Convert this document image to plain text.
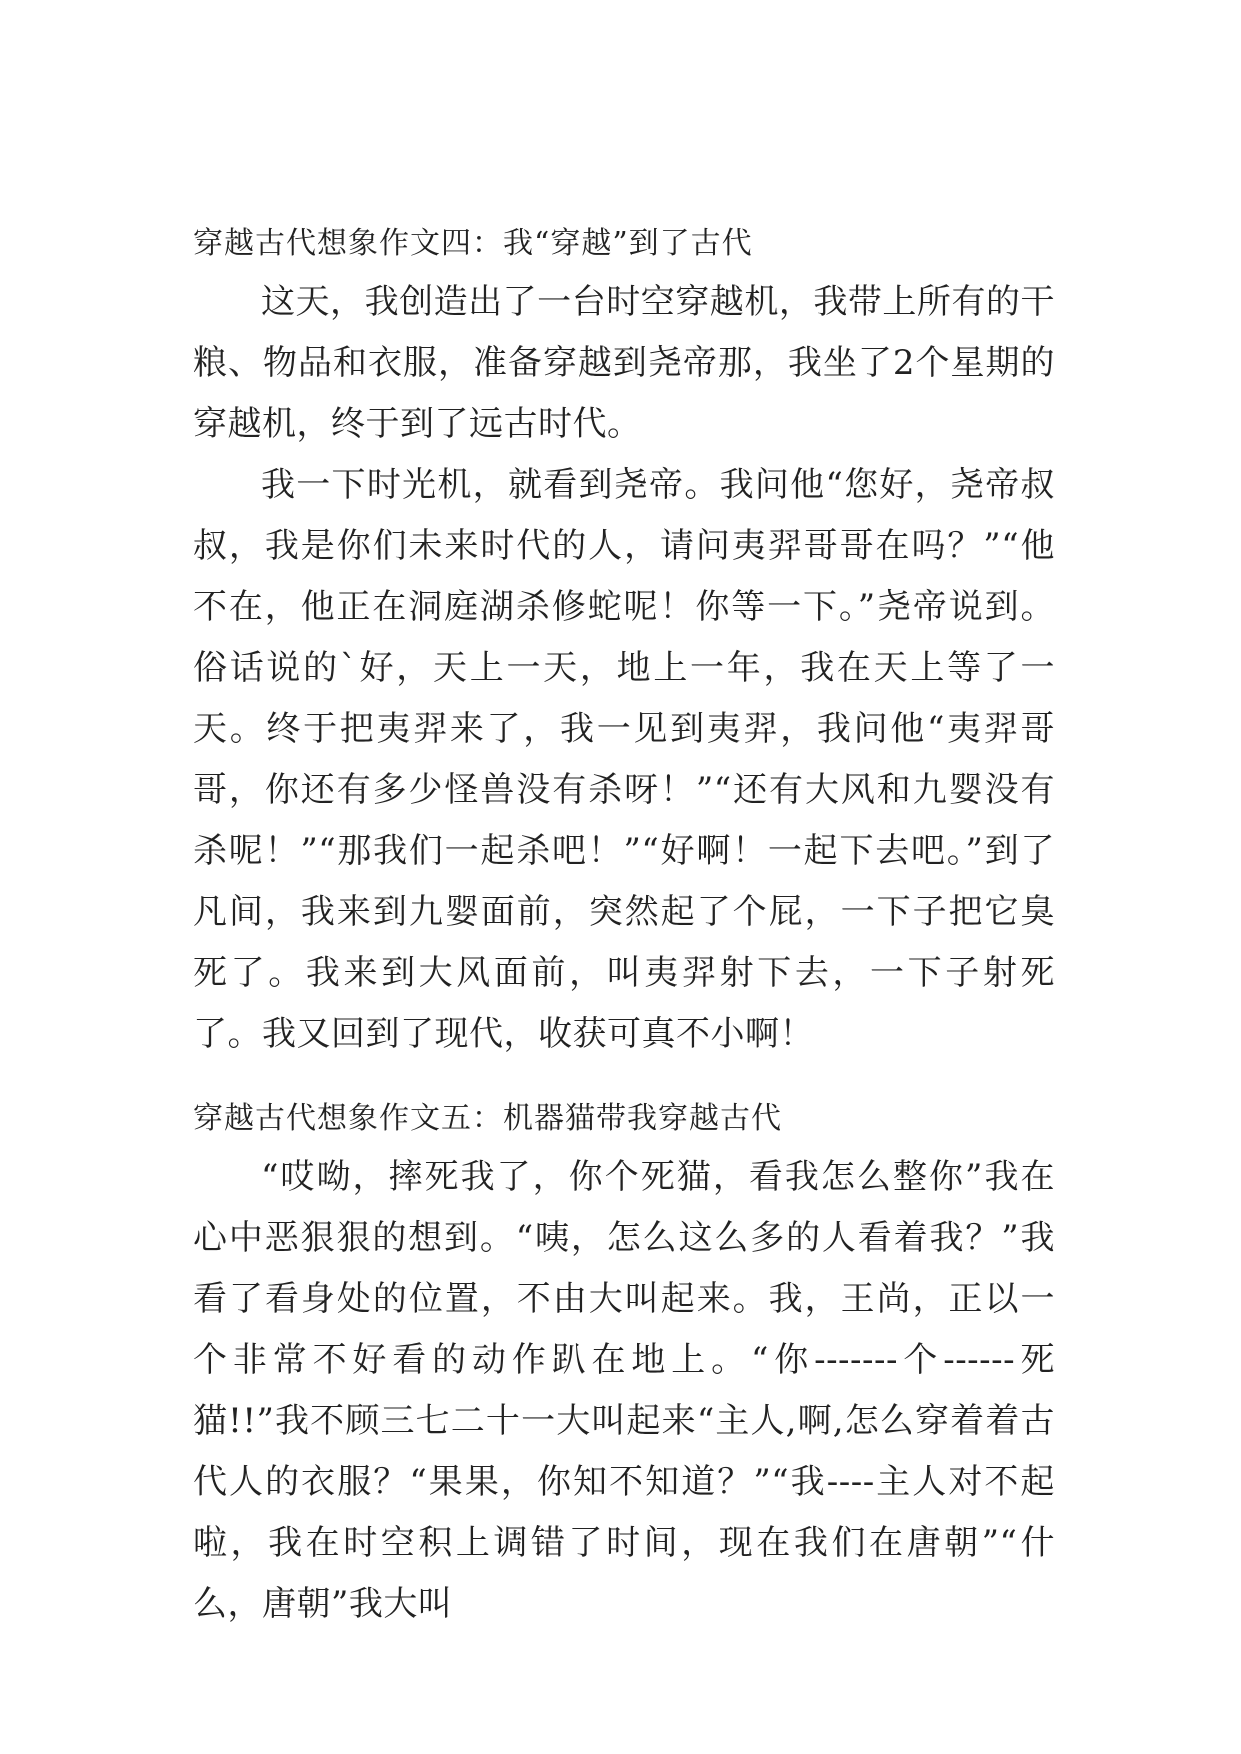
穿越古代想象作文四：我“穿越”到了古代

这天，我创造出了一台时空穿越机，我带上所有的干粮、物品和衣服，准备穿越到尧帝那，我坐了2个星期的穿越机，终于到了远古时代。

我一下时光机，就看到尧帝。我问他“您好，尧帝叔叔，我是你们未来时代的人，请问夷羿哥哥在吗？”“他不在，他正在洞庭湖杀修蛇呢！你等一下。”尧帝说到。俗话说的`好，天上一天，地上一年，我在天上等了一天。终于把夷羿来了，我一见到夷羿，我问他“夷羿哥哥，你还有多少怪兽没有杀呀！”“还有大风和九婴没有杀呢！”“那我们一起杀吧！”“好啊！一起下去吧。”到了凡间，我来到九婴面前，突然起了个屁，一下子把它臭死了。我来到大风面前，叫夷羿射下去，一下子射死了。我又回到了现代，收获可真不小啊！

穿越古代想象作文五：机器猫带我穿越古代

“哎呦，摔死我了，你个死猫，看我怎么整你”我在心中恶狠狠的想到。“咦，怎么这么多的人看着我？”我看了看身处的位置，不由大叫起来。我，王尚，正以一个非常不好看的动作趴在地上。“你-------个------死猫!!”我不顾三七二十一大叫起来“主人,啊,怎么穿着着古代人的衣服？“果果，你知不知道？”“我----主人对不起啦，我在时空积上调错了时间，现在我们在唐朝”“什么，唐朝”我大叫
